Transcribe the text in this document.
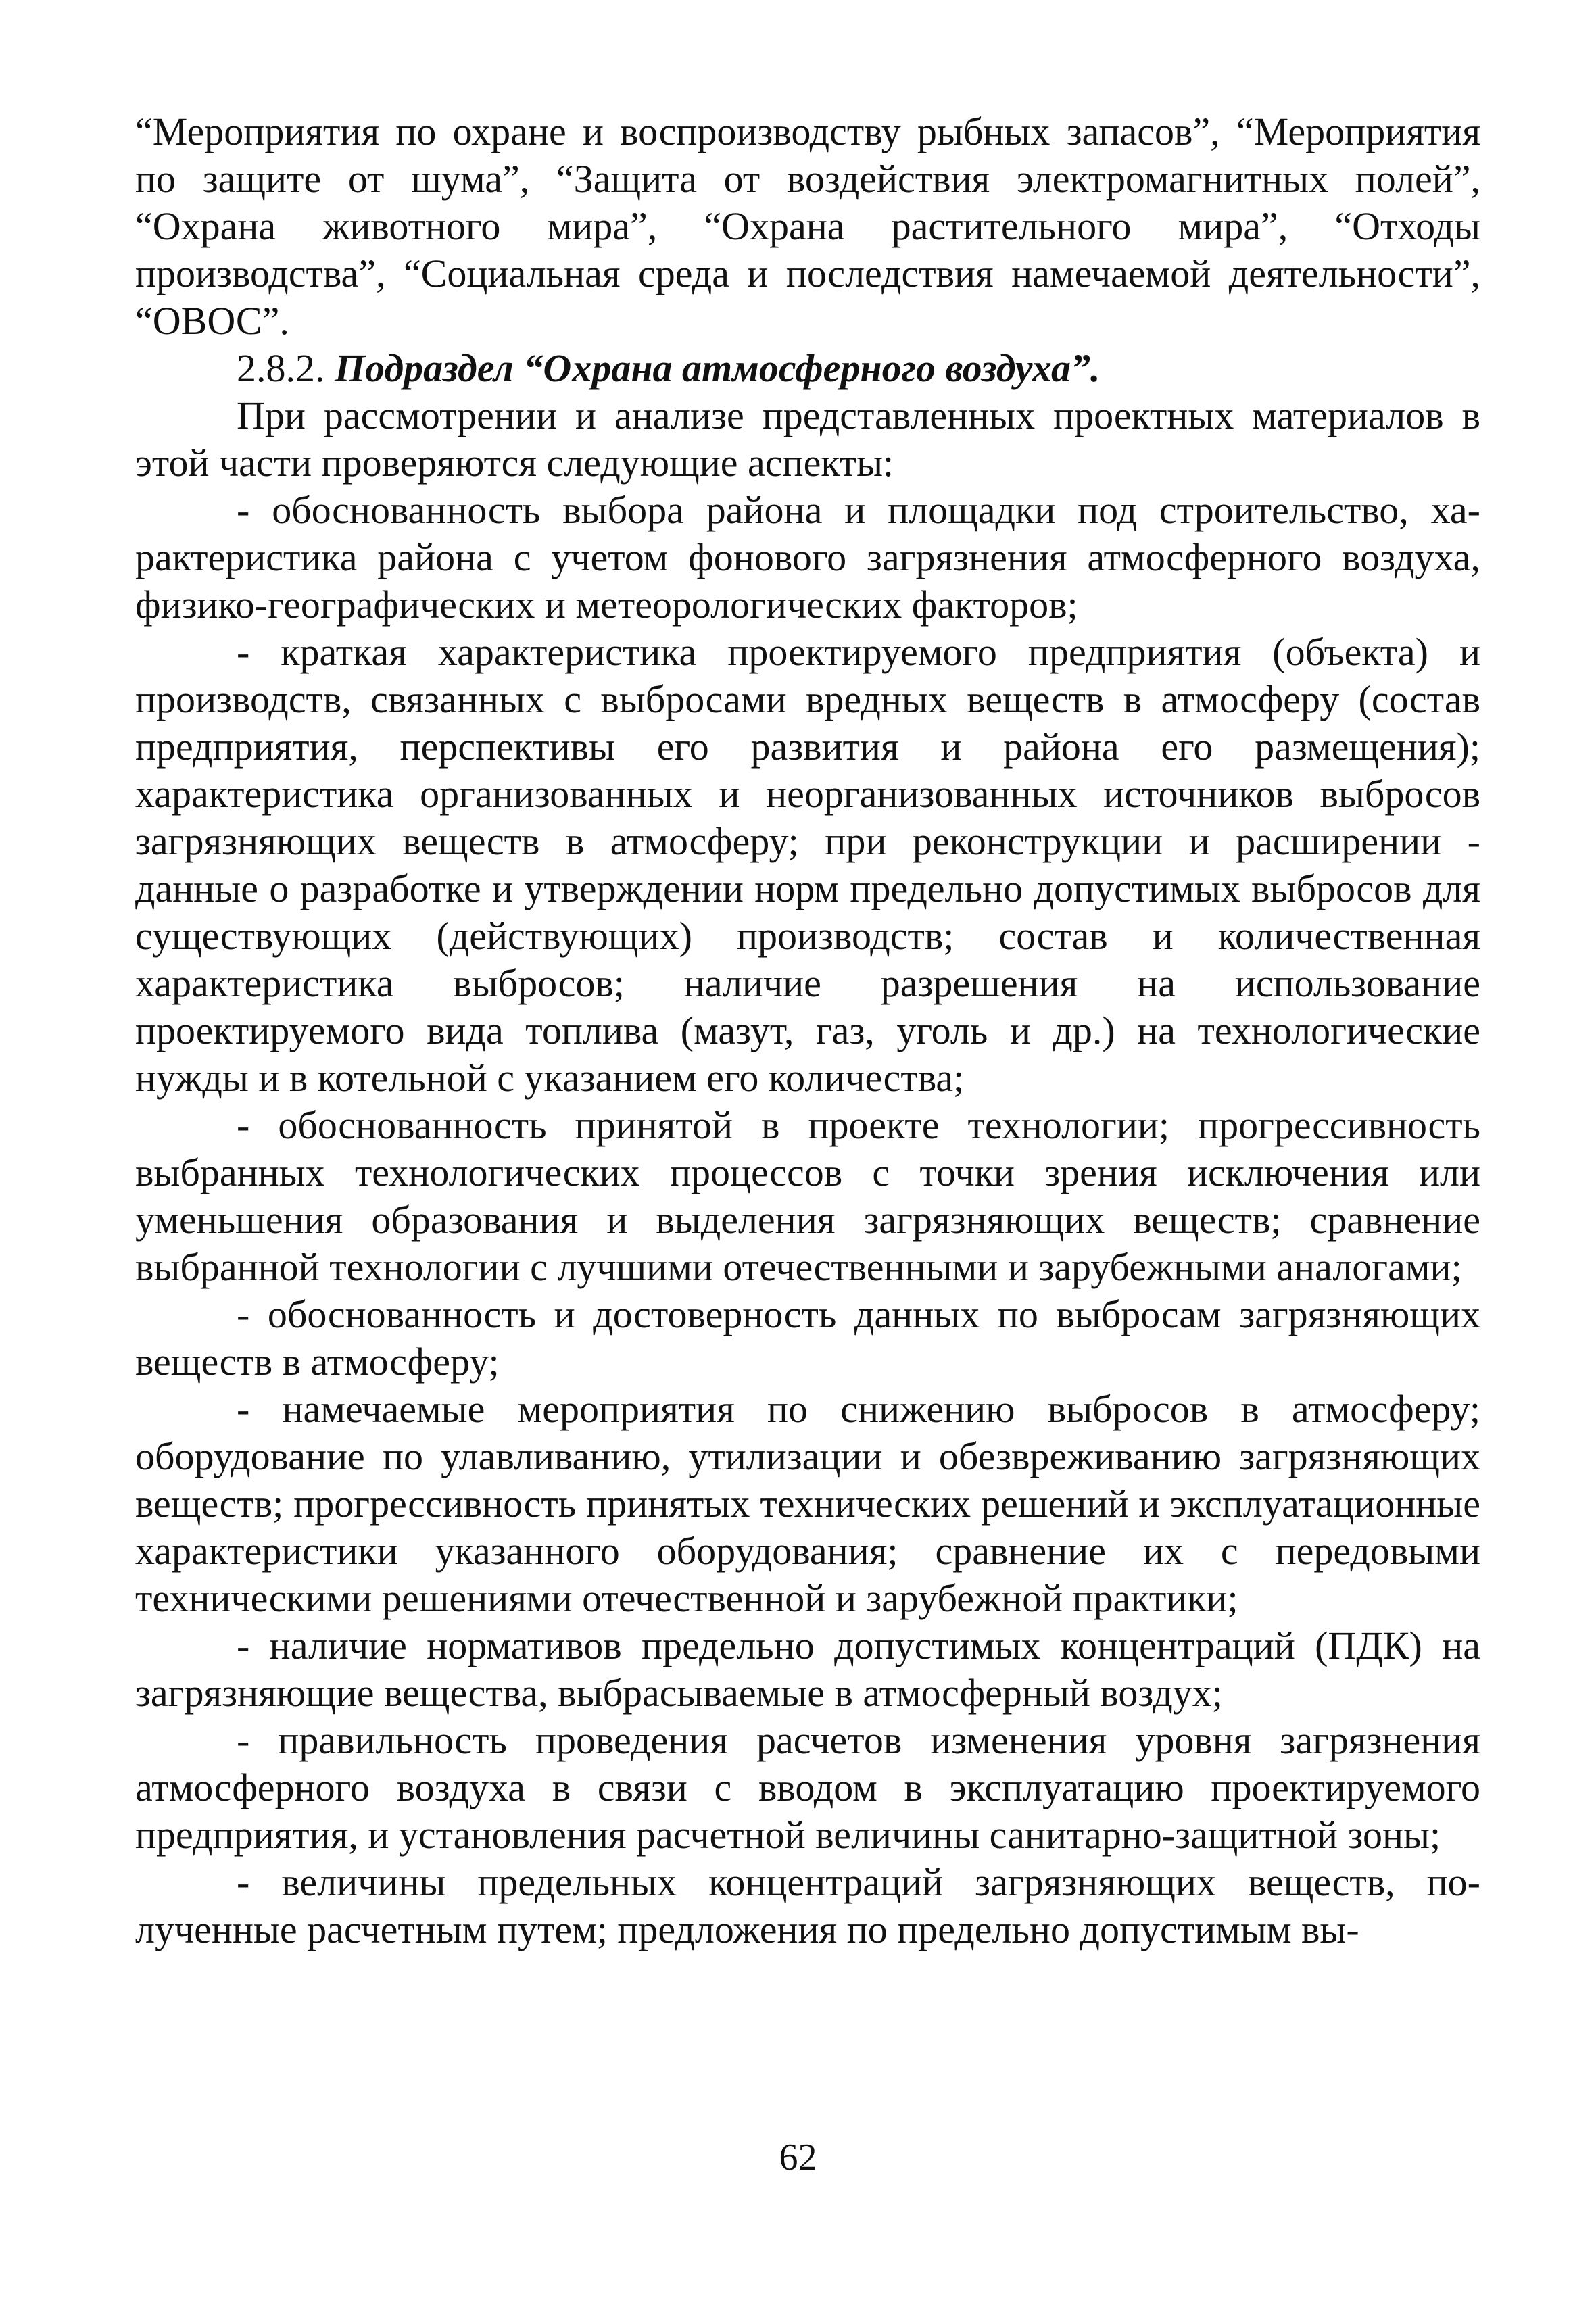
“Мероприятия по охране и воспроизводству рыбных запасов”, “Мероприятия по защите от шума”, “Защита от воздействия электромагнитных полей”, “Охрана животного мира”, “Охрана растительного мира”, “Отходы производства”, “Социальная среда и последствия намечаемой деятельности”, “ОВОС”.

2.8.2. Подраздел “Охрана атмосферного воздуха”.

При рассмотрении и анализе представленных проектных материалов в этой части проверяются следующие аспекты:

- обоснованность выбора района и площадки под строительство, характеристика района с учетом фонового загрязнения атмосферного воздуха, физико-географических и метеорологических факторов;

- краткая характеристика проектируемого предприятия (объекта) и производств, связанных с выбросами вредных веществ в атмосферу (состав предприятия, перспективы его развития и района его размещения); характеристика организованных и неорганизованных источников выбросов загрязняющих веществ в атмосферу; при реконструкции и расширении - данные о разработке и утверждении норм предельно допустимых выбросов для существующих (действующих) производств; состав и количественная характеристика выбросов; наличие разрешения на использование проектируемого вида топлива (мазут, газ, уголь и др.) на технологические нужды и в котельной с указанием его количества;

- обоснованность принятой в проекте технологии; прогрессивность выбранных технологических процессов с точки зрения исключения или уменьшения образования и выделения загрязняющих веществ; сравнение выбранной технологии с лучшими отечественными и зарубежными аналогами;

- обоснованность и достоверность данных по выбросам загрязняющих веществ в атмосферу;

- намечаемые мероприятия по снижению выбросов в атмосферу; оборудование по улавливанию, утилизации и обезвреживанию загрязняющих веществ; прогрессивность принятых технических решений и эксплуатационные характеристики указанного оборудования; сравнение их с передовыми техническими решениями отечественной и зарубежной практики;

- наличие нормативов предельно допустимых концентраций (ПДК) на загрязняющие вещества, выбрасываемые в атмосферный воздух;

- правильность проведения расчетов изменения уровня загрязнения атмосферного воздуха в связи с вводом в эксплуатацию проектируемого предприятия, и установления расчетной величины санитарно-защитной зоны;

- величины предельных концентраций загрязняющих веществ, полученные расчетным путем; предложения по предельно допустимым вы-

62
